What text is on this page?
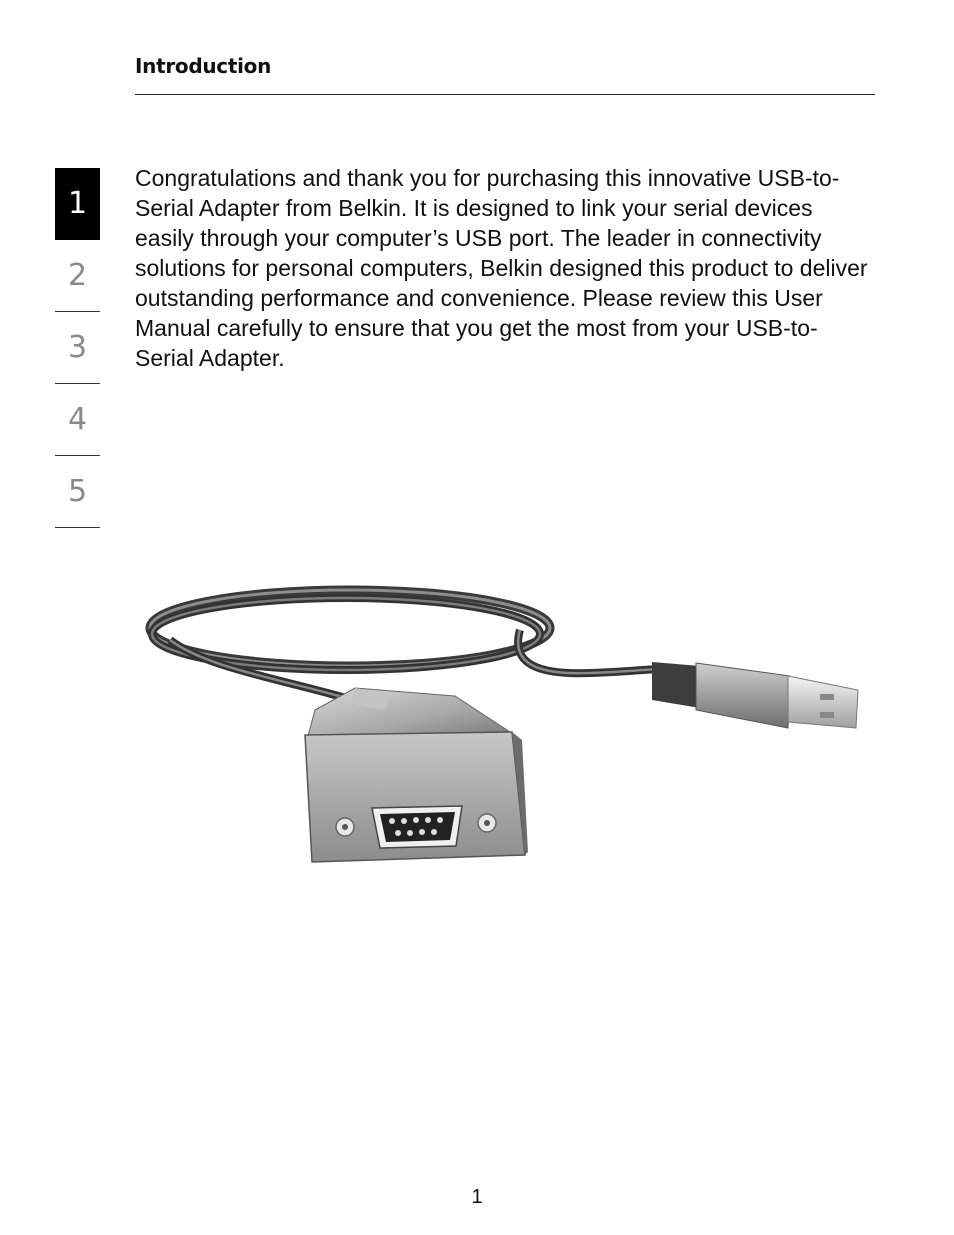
Introduction
1
2
3
4
5

Congratulations and thank you for purchasing this innovative USB-to-Serial Adapter from Belkin. It is designed to link your serial devices easily through your computer’s USB port. The leader in connectivity solutions for personal computers, Belkin designed this product to deliver outstanding performance and convenience. Please review this User Manual carefully to ensure that you get the most from your USB-to-Serial Adapter.

1
